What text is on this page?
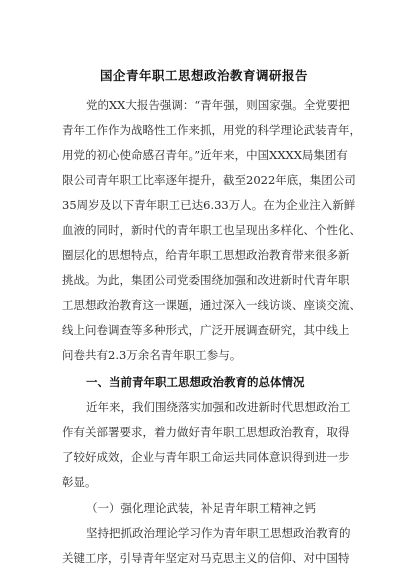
国企青年职工思想政治教育调研报告
党的XX大报告强调：“青年强，则国家强。全党要把
青年工作作为战略性工作来抓，用党的科学理论武装青年，
用党的初心使命感召青年。”近年来，中国XXXX局集团有
限公司青年职工比率逐年提升，截至2022年底，集团公司
35周岁及以下青年职工已达6.33万人。在为企业注入新鲜
血液的同时，新时代的青年职工也呈现出多样化、个性化、
圈层化的思想特点，给青年职工思想政治教育带来很多新
挑战。为此，集团公司党委围绕加强和改进新时代青年职
工思想政治教育这一课题，通过深入一线访谈、座谈交流、
线上问卷调查等多种形式，广泛开展调查研究，其中线上
问卷共有2.3万余名青年职工参与。
一、当前青年职工思想政治教育的总体情况
近年来，我们围绕落实加强和改进新时代思想政治工
作有关部署要求，着力做好青年职工思想政治教育，取得
了较好成效，企业与青年职工命运共同体意识得到进一步
彰显。
（一）强化理论武装，补足青年职工精神之钙
坚持把抓政治理论学习作为青年职工思想政治教育的
关键工序，引导青年坚定对马克思主义的信仰、对中国特
